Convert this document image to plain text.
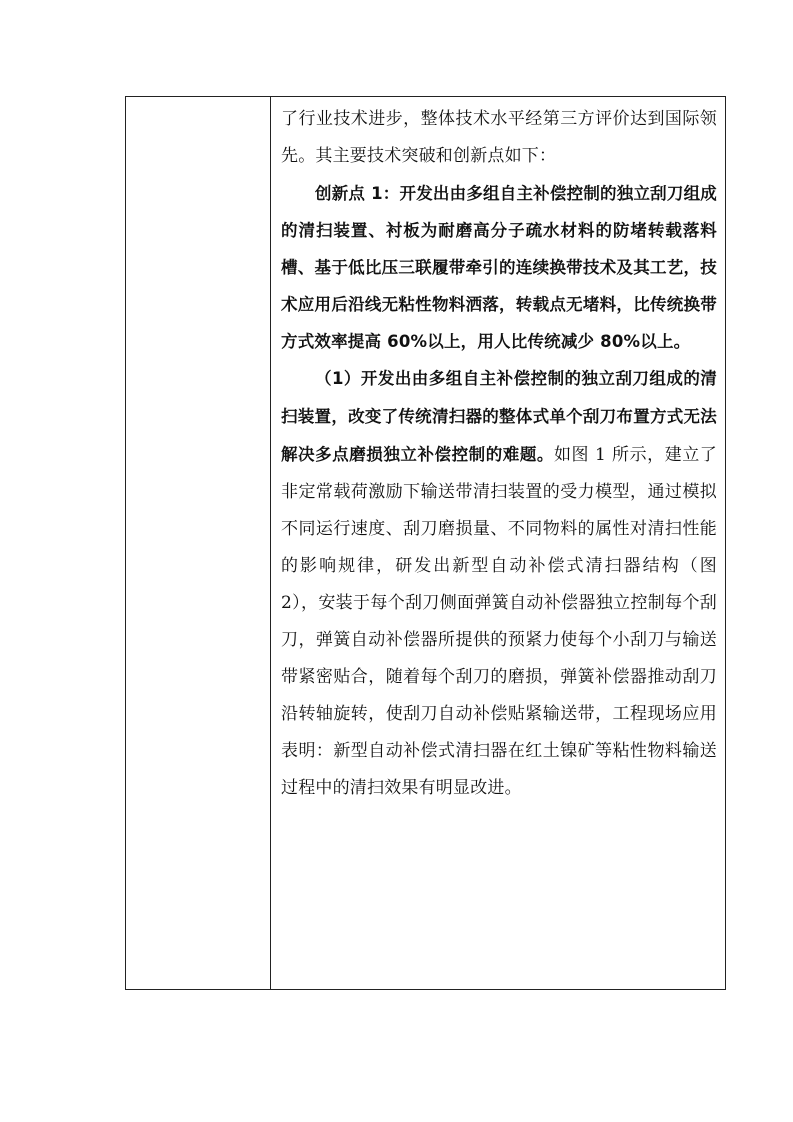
了行业技术进步，整体技术水平经第三方评价达到国际领先。其主要技术突破和创新点如下：

创新点 1：开发出由多组自主补偿控制的独立刮刀组成的清扫装置、衬板为耐磨高分子疏水材料的防堵转载落料槽、基于低比压三联履带牵引的连续换带技术及其工艺，技术应用后沿线无粘性物料洒落，转载点无堵料，比传统换带方式效率提高 60%以上，用人比传统减少 80%以上。

（1）开发出由多组自主补偿控制的独立刮刀组成的清扫装置，改变了传统清扫器的整体式单个刮刀布置方式无法解决多点磨损独立补偿控制的难题。如图 1 所示，建立了非定常载荷激励下输送带清扫装置的受力模型，通过模拟不同运行速度、刮刀磨损量、不同物料的属性对清扫性能的影响规律，研发出新型自动补偿式清扫器结构（图 2），安装于每个刮刀侧面弹簧自动补偿器独立控制每个刮刀，弹簧自动补偿器所提供的预紧力使每个小刮刀与输送带紧密贴合，随着每个刮刀的磨损，弹簧补偿器推动刮刀沿转轴旋转，使刮刀自动补偿贴紧输送带，工程现场应用表明：新型自动补偿式清扫器在红土镍矿等粘性物料输送过程中的清扫效果有明显改进。
